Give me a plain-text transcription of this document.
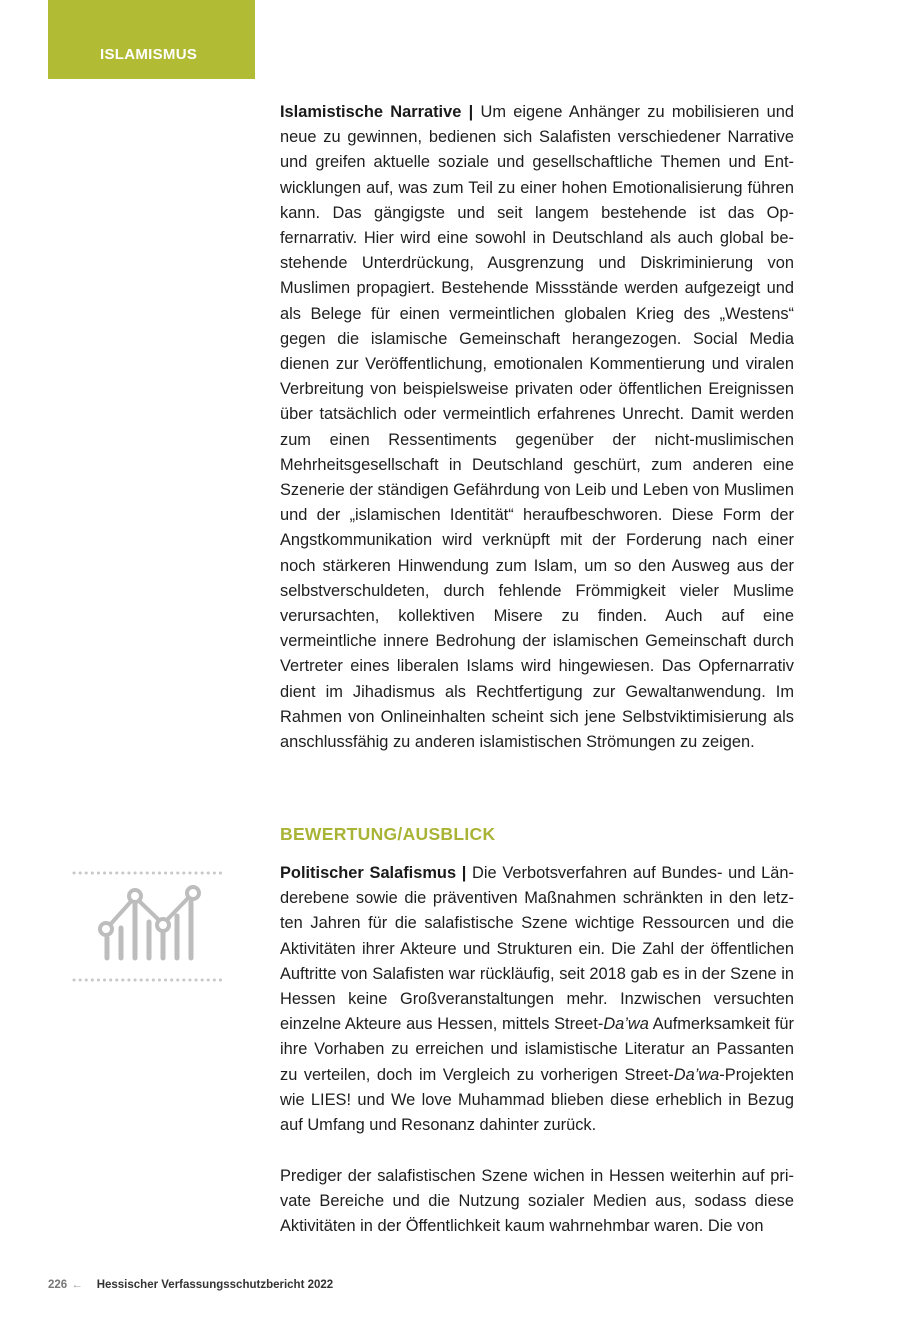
ISLAMISMUS

Islamistische Narrative | Um eigene Anhänger zu mobilisieren und neue zu gewinnen, bedienen sich Salafisten verschiedener Narrative und greifen aktuelle soziale und gesellschaftliche Themen und Entwicklungen auf, was zum Teil zu einer hohen Emotionalisierung führen kann. Das gängigste und seit langem bestehende ist das Opfernarrativ. Hier wird eine sowohl in Deutschland als auch global bestehende Unterdrückung, Ausgrenzung und Diskriminierung von Muslimen propagiert. Bestehende Missstände werden aufgezeigt und als Belege für einen vermeintlichen globalen Krieg des „Westens“ gegen die islamische Gemeinschaft herangezogen. Social Media dienen zur Veröffentlichung, emotionalen Kommentierung und viralen Verbreitung von beispielsweise privaten oder öffentlichen Ereignissen über tatsächlich oder vermeintlich erfahrenes Unrecht. Damit werden zum einen Ressentiments gegenüber der nicht-muslimischen Mehrheitsgesellschaft in Deutschland geschürt, zum anderen eine Szenerie der ständigen Gefährdung von Leib und Leben von Muslimen und der „islamischen Identität“ heraufbeschworen. Diese Form der Angstkommunikation wird verknüpft mit der Forderung nach einer noch stärkeren Hinwendung zum Islam, um so den Ausweg aus der selbstverschuldeten, durch fehlende Frömmigkeit vieler Muslime verursachten, kollektiven Misere zu finden. Auch auf eine vermeintliche innere Bedrohung der islamischen Gemeinschaft durch Vertreter eines liberalen Islams wird hingewiesen. Das Opfernarrativ dient im Jihadismus als Rechtfertigung zur Gewaltanwendung. Im Rahmen von Onlineinhalten scheint sich jene Selbstviktimisierung als anschlussfähig zu anderen islamistischen Strömungen zu zeigen.

BEWERTUNG/AUSBLICK

Politischer Salafismus | Die Verbotsverfahren auf Bundes- und Länderebene sowie die präventiven Maßnahmen schränkten in den letzten Jahren für die salafistische Szene wichtige Ressourcen und die Aktivitäten ihrer Akteure und Strukturen ein. Die Zahl der öffentlichen Auftritte von Salafisten war rückläufig, seit 2018 gab es in der Szene in Hessen keine Großveranstaltungen mehr. Inzwischen versuchten einzelne Akteure aus Hessen, mittels Street-Da’wa Aufmerksamkeit für ihre Vorhaben zu erreichen und islamistische Literatur an Passanten zu verteilen, doch im Vergleich zu vorherigen Street-Da’wa-Projekten wie LIES! und We love Muhammad blieben diese erheblich in Bezug auf Umfang und Resonanz dahinter zurück.

Prediger der salafistischen Szene wichen in Hessen weiterhin auf private Bereiche und die Nutzung sozialer Medien aus, sodass diese Aktivitäten in der Öffentlichkeit kaum wahrnehmbar waren. Die von

226 ← Hessischer Verfassungsschutzbericht 2022
